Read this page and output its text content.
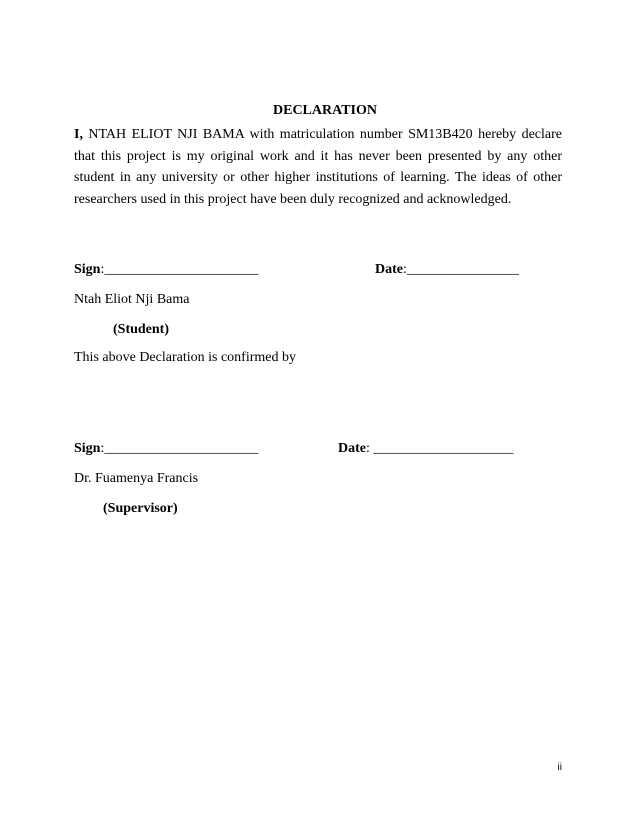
DECLARATION

I, NTAH ELIOT NJI BAMA with matriculation number SM13B420 hereby declare that this project is my original work and it has never been presented by any other student in any university or other higher institutions of learning. The ideas of other researchers used in this project have been duly recognized and acknowledged.

Sign:______________________	Date:________________
Ntah Eliot Nji Bama
(Student)
This above Declaration is confirmed by
Sign:______________________	Date: ____________________
Dr. Fuamenya Francis
(Supervisor)
ii
